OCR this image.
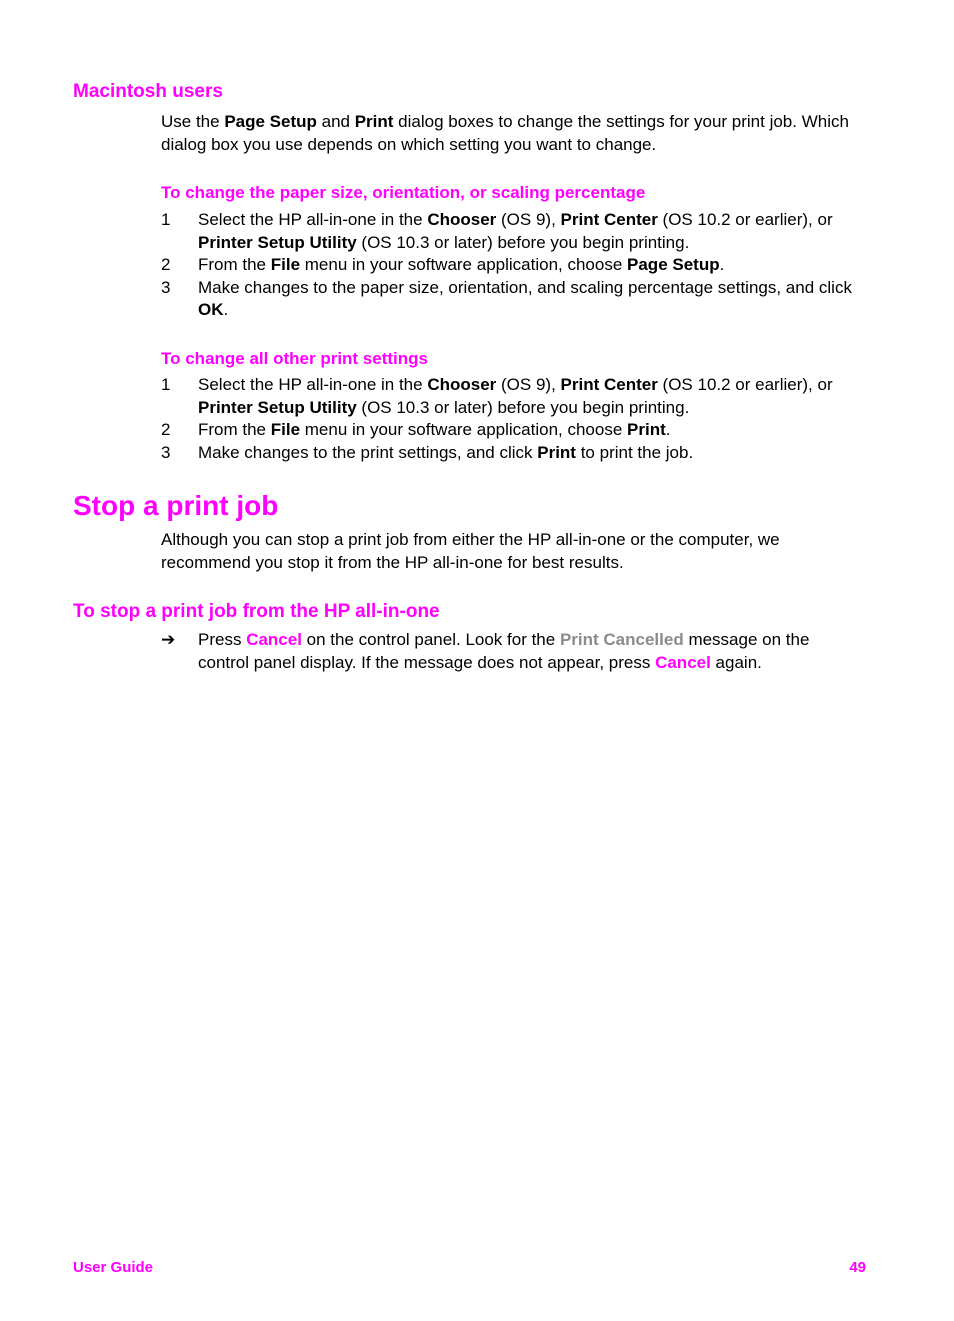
Macintosh users

Use the Page Setup and Print dialog boxes to change the settings for your print job. Which dialog box you use depends on which setting you want to change.

To change the paper size, orientation, or scaling percentage
1 Select the HP all-in-one in the Chooser (OS 9), Print Center (OS 10.2 or earlier), or Printer Setup Utility (OS 10.3 or later) before you begin printing.
2 From the File menu in your software application, choose Page Setup.
3 Make changes to the paper size, orientation, and scaling percentage settings, and click OK.
To change all other print settings
1 Select the HP all-in-one in the Chooser (OS 9), Print Center (OS 10.2 or earlier), or Printer Setup Utility (OS 10.3 or later) before you begin printing.
2 From the File menu in your software application, choose Print.
3 Make changes to the print settings, and click Print to print the job.
Stop a print job

Although you can stop a print job from either the HP all-in-one or the computer, we recommend you stop it from the HP all-in-one for best results.

To stop a print job from the HP all-in-one

➔ Press Cancel on the control panel. Look for the Print Cancelled message on the control panel display. If the message does not appear, press Cancel again.

User Guide	49
